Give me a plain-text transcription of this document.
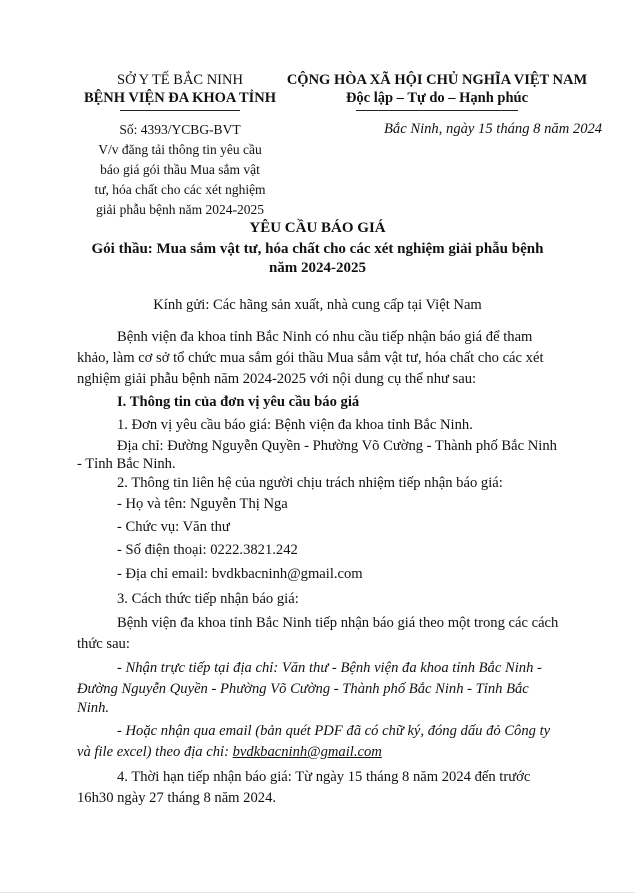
SỞ Y TẾ BẮC NINH
BỆNH VIỆN ĐA KHOA TỈNH
CỘNG HÒA XÃ HỘI CHỦ NGHĨA VIỆT NAM
Độc lập – Tự do – Hạnh phúc
Số: 4393/YCBG-BVT
V/v đăng tải thông tin yêu cầu
báo giá gói thầu Mua sắm vật
tư, hóa chất cho các xét nghiệm
giải phẫu bệnh năm 2024-2025
Bắc Ninh, ngày 15 tháng 8 năm 2024
YÊU CẦU BÁO GIÁ
Gói thầu: Mua sắm vật tư, hóa chất cho các xét nghiệm giải phẫu bệnh
năm 2024-2025
Kính gửi: Các hãng sản xuất, nhà cung cấp tại Việt Nam
Bệnh viện đa khoa tỉnh Bắc Ninh có nhu cầu tiếp nhận báo giá để tham
khảo, làm cơ sở tổ chức mua sắm gói thầu Mua sắm vật tư, hóa chất cho các xét
nghiệm giải phẫu bệnh năm 2024-2025 với nội dung cụ thể như sau:
I. Thông tin của đơn vị yêu cầu báo giá
1. Đơn vị yêu cầu báo giá: Bệnh viện đa khoa tỉnh Bắc Ninh.
Địa chỉ: Đường Nguyễn Quyền - Phường Võ Cường - Thành phố Bắc Ninh
- Tỉnh Bắc Ninh.
2. Thông tin liên hệ của người chịu trách nhiệm tiếp nhận báo giá:
- Họ và tên: Nguyễn Thị Nga
- Chức vụ: Văn thư
- Số điện thoại: 0222.3821.242
- Địa chỉ email: bvdkbacninh@gmail.com
3. Cách thức tiếp nhận báo giá:
Bệnh viện đa khoa tỉnh Bắc Ninh tiếp nhận báo giá theo một trong các cách
thức sau:
- Nhận trực tiếp tại địa chỉ: Văn thư - Bệnh viện đa khoa tỉnh Bắc Ninh -
Đường Nguyễn Quyền - Phường Võ Cường - Thành phố Bắc Ninh - Tỉnh Bắc
Ninh.
- Hoặc nhận qua email (bản quét PDF đã có chữ ký, đóng dấu đỏ Công ty
và file excel) theo địa chỉ: bvdkbacninh@gmail.com
4. Thời hạn tiếp nhận báo giá: Từ ngày 15 tháng 8 năm 2024 đến trước
16h30 ngày 27 tháng 8 năm 2024.
